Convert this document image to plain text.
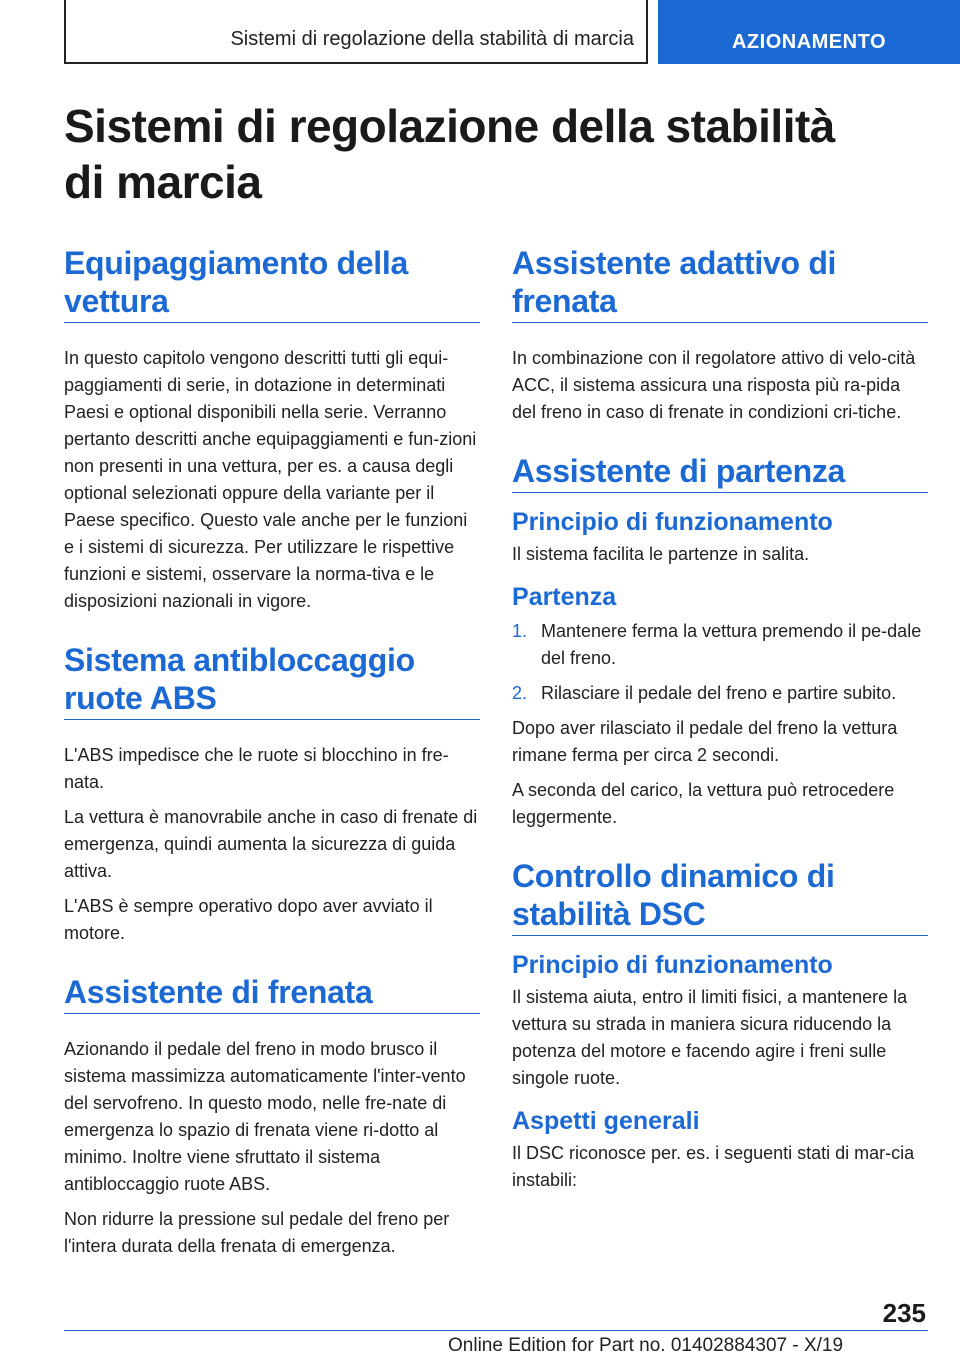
Sistemi di regolazione della stabilità di marcia	AZIONAMENTO
Sistemi di regolazione della stabilità di marcia
Equipaggiamento della vettura

In questo capitolo vengono descritti tutti gli equi-paggiamenti di serie, in dotazione in determinati Paesi e optional disponibili nella serie. Verranno pertanto descritti anche equipaggiamenti e fun-zioni non presenti in una vettura, per es. a causa degli optional selezionati oppure della variante per il Paese specifico. Questo vale anche per le funzioni e i sistemi di sicurezza. Per utilizzare le rispettive funzioni e sistemi, osservare la norma-tiva e le disposizioni nazionali in vigore.

Sistema antibloccaggio ruote ABS

L'ABS impedisce che le ruote si blocchino in fre-nata.

La vettura è manovrabile anche in caso di frenate di emergenza, quindi aumenta la sicurezza di guida attiva.

L'ABS è sempre operativo dopo aver avviato il motore.

Assistente di frenata

Azionando il pedale del freno in modo brusco il sistema massimizza automaticamente l'inter-vento del servofreno. In questo modo, nelle fre-nate di emergenza lo spazio di frenata viene ri-dotto al minimo. Inoltre viene sfruttato il sistema antibloccaggio ruote ABS.

Non ridurre la pressione sul pedale del freno per l'intera durata della frenata di emergenza.

Assistente adattivo di frenata

In combinazione con il regolatore attivo di velo-cità ACC, il sistema assicura una risposta più ra-pida del freno in caso di frenate in condizioni cri-tiche.

Assistente di partenza
Principio di funzionamento

Il sistema facilita le partenze in salita.

Partenza
1. Mantenere ferma la vettura premendo il pe-dale del freno.
2. Rilasciare il pedale del freno e partire subito.

Dopo aver rilasciato il pedale del freno la vettura rimane ferma per circa 2 secondi.

A seconda del carico, la vettura può retrocedere leggermente.

Controllo dinamico di stabilità DSC
Principio di funzionamento

Il sistema aiuta, entro il limiti fisici, a mantenere la vettura su strada in maniera sicura riducendo la potenza del motore e facendo agire i freni sulle singole ruote.

Aspetti generali

Il DSC riconosce per. es. i seguenti stati di mar-cia instabili:

235
Online Edition for Part no. 01402884307 - X/19
